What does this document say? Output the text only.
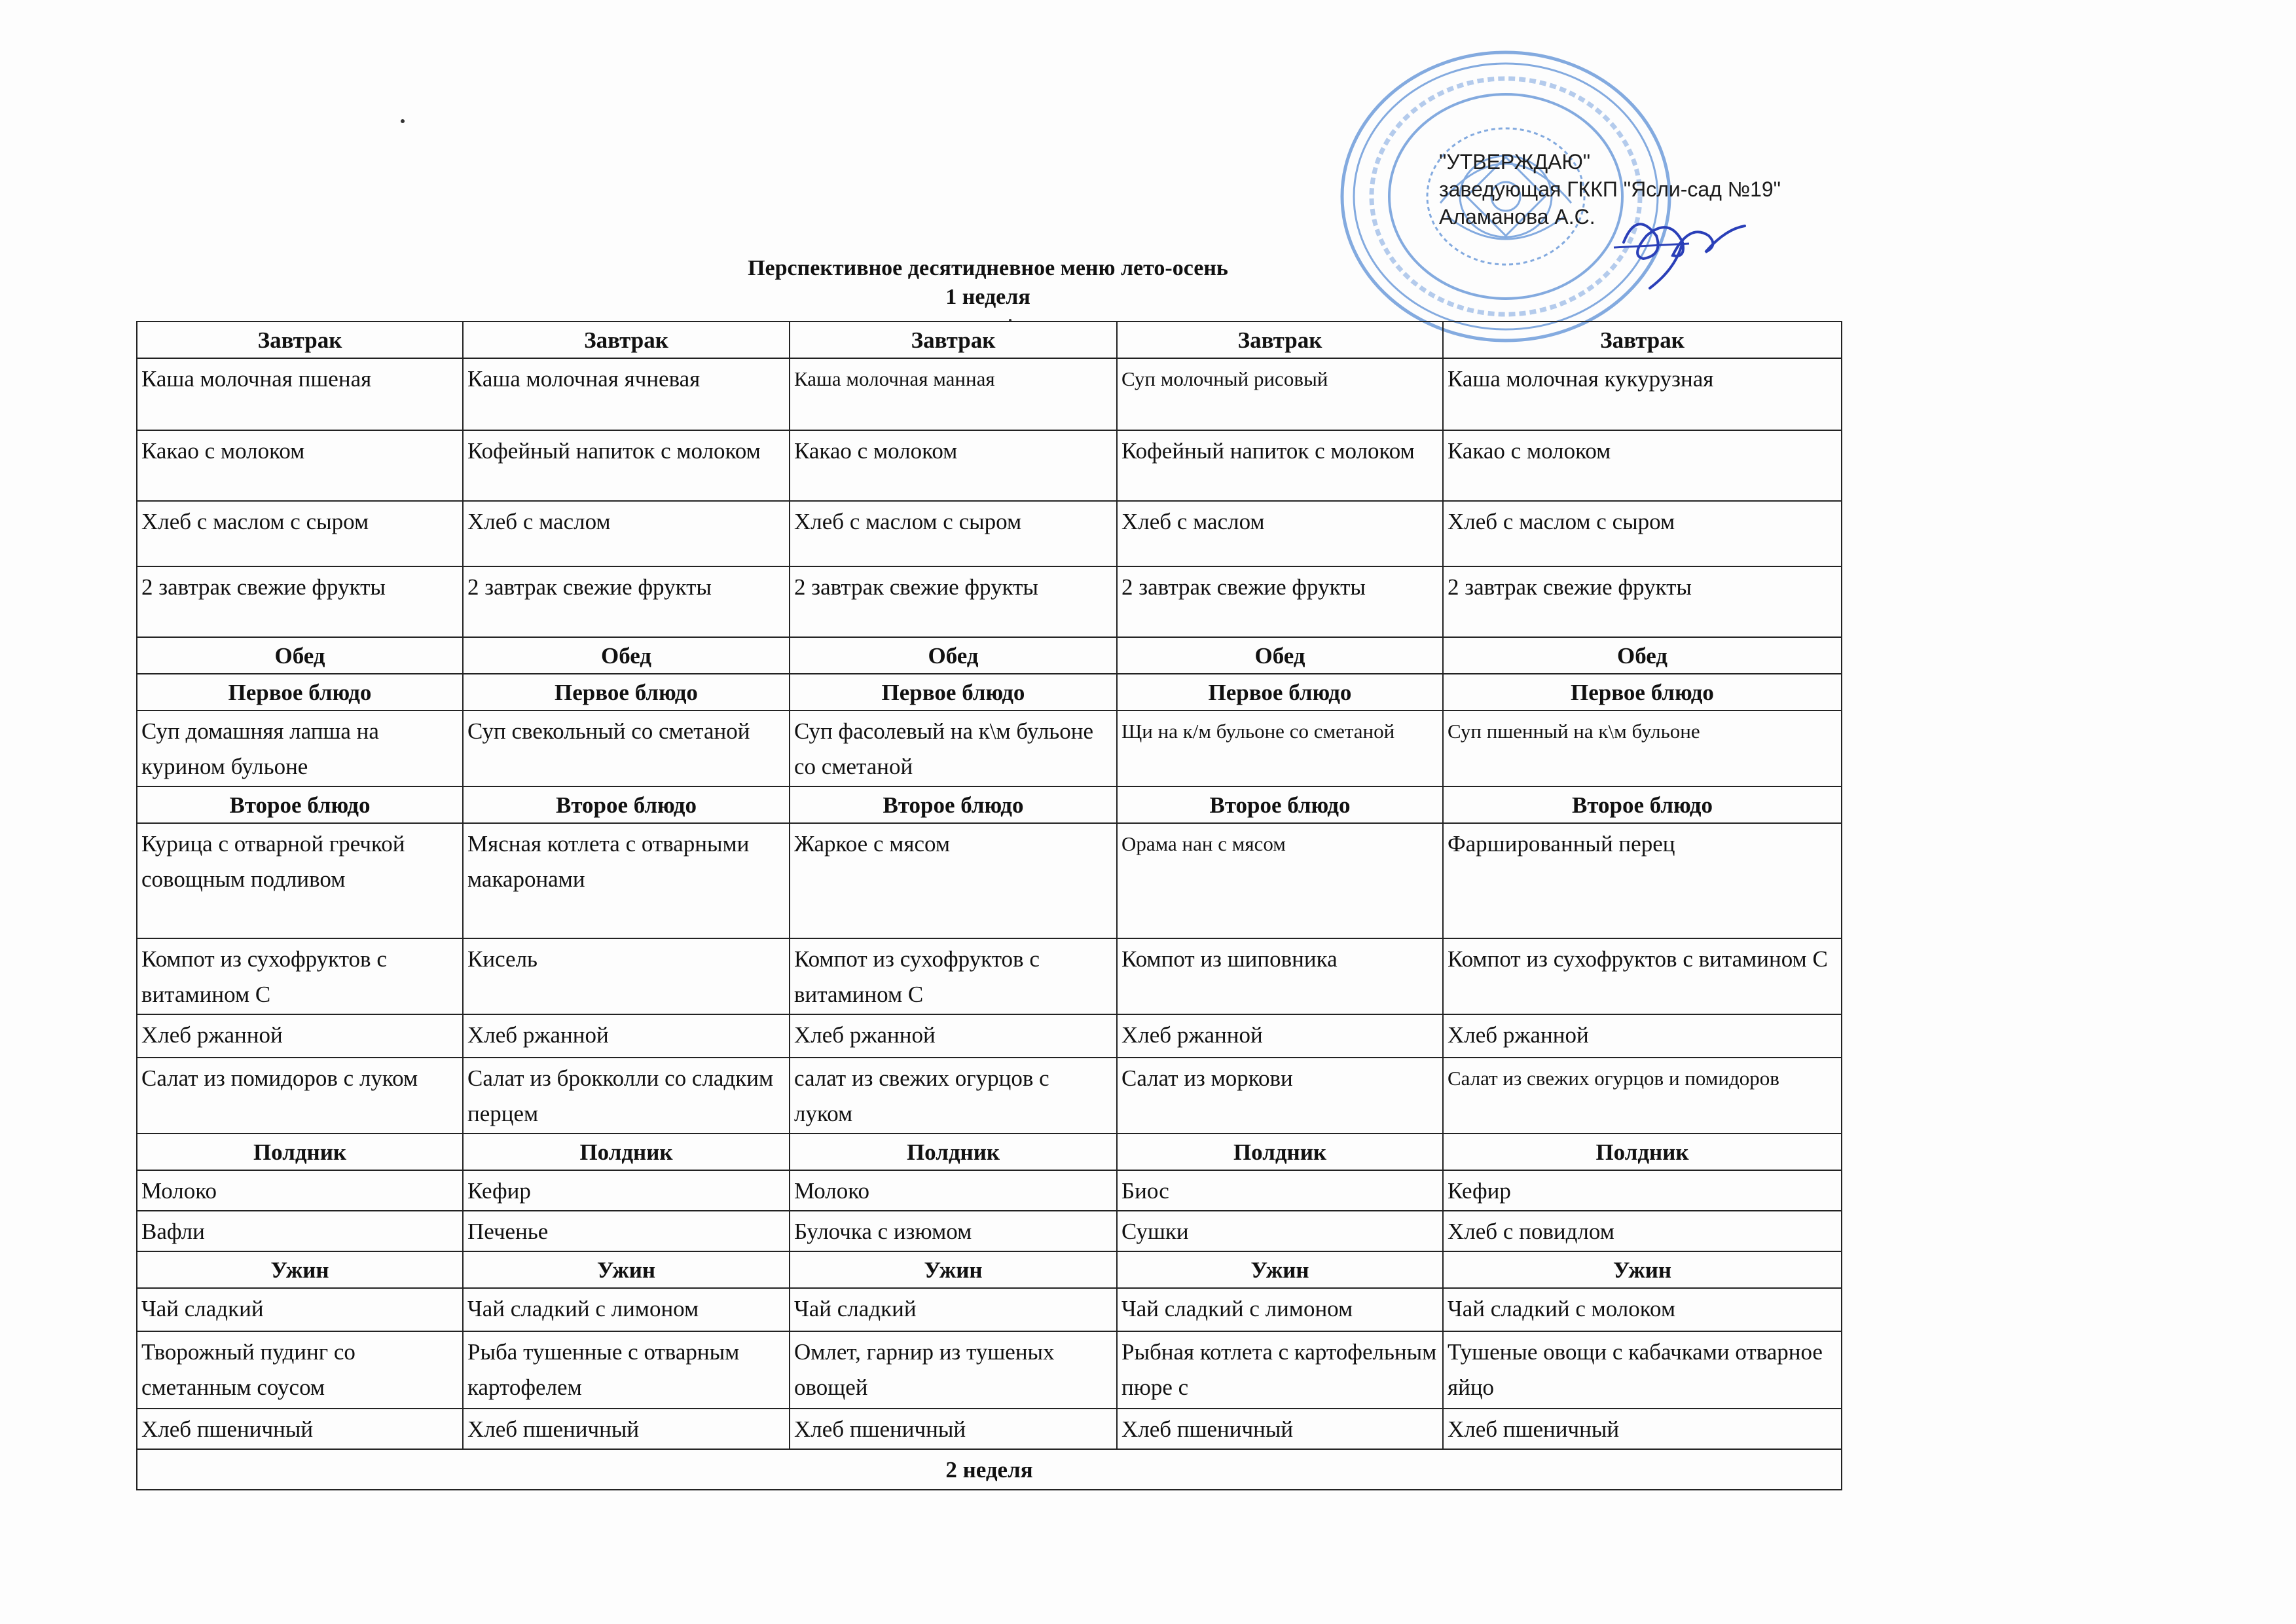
"УТВЕРЖДАЮ"
заведующая ГККП "Ясли-сад №19"
Аламанова А.С.
Перспективное десятидневное меню лето-осень
1 неделя
Завтрак	Завтрак	Завтрак	Завтрак	Завтрак
Каша молочная пшеная	Каша молочная ячневая	Каша молочная манная	Суп молочный рисовый	Каша молочная кукурузная
Какао с молоком	Кофейный напиток с молоком	Какао с молоком	Кофейный напиток с молоком	Какао с молоком
Хлеб с маслом с сыром	Хлеб с маслом	Хлеб с маслом с сыром	Хлеб с маслом	Хлеб с маслом с сыром
2 завтрак свежие фрукты	2 завтрак свежие фрукты	2 завтрак свежие фрукты	2 завтрак свежие фрукты	2 завтрак свежие фрукты
Обед	Обед	Обед	Обед	Обед
Первое блюдо	Первое блюдо	Первое блюдо	Первое блюдо	Первое блюдо
Суп домашняя лапша на курином бульоне	Суп свекольный со сметаной	Суп фасолевый на к\м бульоне со сметаной	Щи на к/м бульоне со сметаной	Суп пшенный на к\м бульоне
Второе блюдо	Второе блюдо	Второе блюдо	Второе блюдо	Второе блюдо
Курица с отварной гречкой совощным подливом	Мясная котлета с отварными макаронами	Жаркое с мясом	Орама нан с мясом	Фаршированный перец
Компот из сухофруктов с витамином С	Кисель	Компот из сухофруктов с витамином С	Компот из шиповника	Компот из сухофруктов с витамином С
Хлеб ржанной	Хлеб ржанной	Хлеб ржанной	Хлеб ржанной	Хлеб ржанной
Салат из помидоров с луком	Салат из брокколли со сладким перцем	салат из свежих огурцов с луком	Салат из моркови	Салат из свежих огурцов и помидоров
Полдник	Полдник	Полдник	Полдник	Полдник
Молоко	Кефир	Молоко	Биос	Кефир
Вафли	Печенье	Булочка с изюмом	Сушки	Хлеб с повидлом
Ужин	Ужин	Ужин	Ужин	Ужин
Чай сладкий	Чай сладкий с лимоном	Чай сладкий	Чай сладкий с лимоном	Чай сладкий с молоком
Творожный пудинг со сметанным соусом	Рыба тушенные с отварным картофелем	Омлет, гарнир из тушеных овощей	Рыбная котлета с картофельным пюре с	Тушеные овощи с кабачками отварное яйцо
Хлеб пшеничный	Хлеб пшеничный	Хлеб пшеничный	Хлеб пшеничный	Хлеб пшеничный
2 неделя				
